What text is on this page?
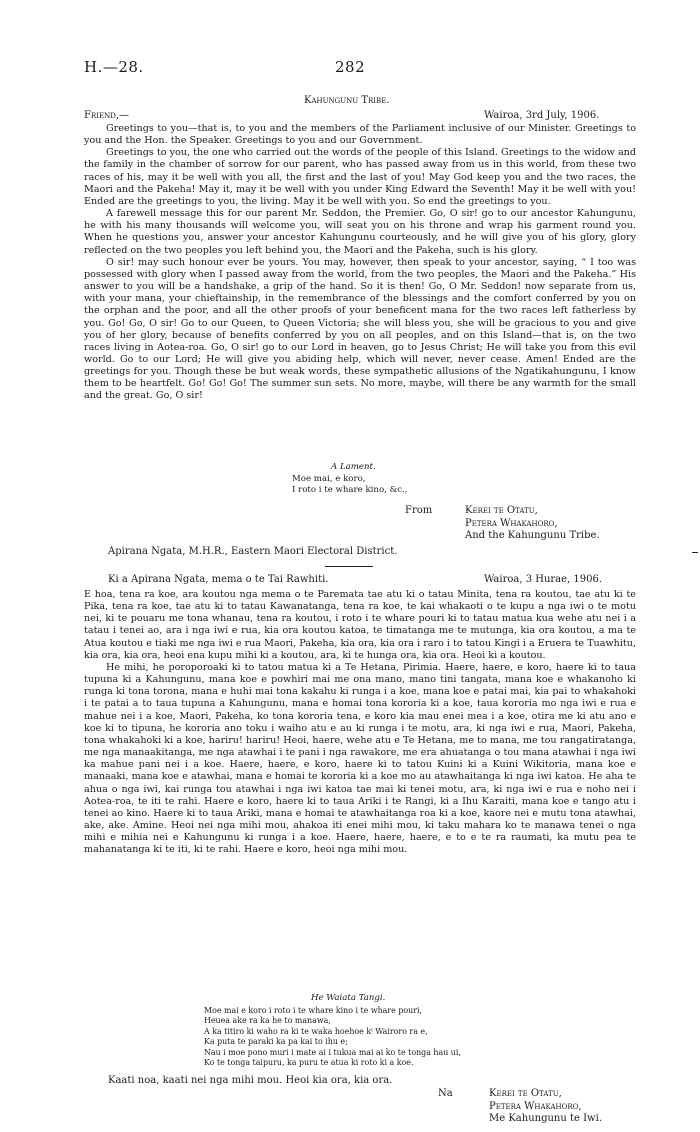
H.—28.	282
Kahungunu Tribe.
Friend,—	Wairoa, 3rd July, 1906.

Greetings to you—that is, to you and the members of the Parliament inclusive of our Minister. Greetings to you and the Hon. the Speaker. Greetings to you and our Government.

Greetings to you, the one who carried out the words of the people of this Island. Greetings to the widow and the family in the chamber of sorrow for our parent, who has passed away from us in this world, from these two races of his, may it be well with you all, the first and the last of you! May God keep you and the two races, the Maori and the Pakeha! May it, may it be well with you under King Edward the Seventh! May it be well with you! Ended are the greetings to you, the living. May it be well with you. So end the greetings to you.

A farewell message this for our parent Mr. Seddon, the Premier. Go, O sir! go to our ancestor Kahungunu, he with his many thousands will welcome you, will seat you on his throne and wrap his garment round you. When he questions you, answer your ancestor Kahungunu courteously, and he will give you of his glory, glory reflected on the two peoples you left behind you, the Maori and the Pakeha, such is his glory.

O sir! may such honour ever be yours. You may, however, then speak to your ancestor, saying, “ I too was possessed with glory when I passed away from the world, from the two peoples, the Maori and the Pakeha.” His answer to you will be a handshake, a grip of the hand. So it is then! Go, O Mr. Seddon! now separate from us, with your mana, your chieftainship, in the remembrance of the blessings and the comfort conferred by you on the orphan and the poor, and all the other proofs of your beneficent mana for the two races left fatherless by you. Go! Go, O sir! Go to our Queen, to Queen Victoria; she will bless you, she will be gracious to you and give you of her glory, because of benefits conferred by you on all peoples, and on this Island—that is, on the two races living in Aotea-roa. Go, O sir! go to our Lord in heaven, go to Jesus Christ; He will take you from this evil world. Go to our Lord; He will give you abiding help, which will never, never cease. Amen! Ended are the greetings for you. Though these be but weak words, these sympathetic allusions of the Ngatikahungunu, I know them to be heartfelt. Go! Go! Go! The summer sun sets. No more, maybe, will there be any warmth for the small and the great. Go, O sir!

A Lament.
Moe mai, e koro,
I roto i te whare kino, &c.,
From	Kerei te Otatu,
Petera Whakahoro,
And the Kahungunu Tribe.
Apirana Ngata, M.H.R., Eastern Maori Electoral District.
Ki a Apirana Ngata, mema o te Tai Rawhiti.	Wairoa, 3 Hurae, 1906.

E hoa, tena ra koe, ara koutou nga mema o te Paremata tae atu ki o tatau Minita, tena ra koutou, tae atu ki te Pika, tena ra koe, tae atu ki to tatau Kawanatanga, tena ra koe, te kai whakaoti o te kupu a nga iwi o te motu nei, ki te pouaru me tona whanau, tena ra koutou, i roto i te whare pouri ki to tatau matua kua wehe atu nei i a tatau i tenei ao, ara i nga iwi e rua, kia ora koutou katoa, te timatanga me te mutunga, kia ora koutou, a ma te Atua koutou e tiaki me nga iwi e rua Maori, Pakeha, kia ora, kia ora i raro i to tatou Kingi i a Eruera te Tuawhitu, kia ora, kia ora, heoi ena kupu mihi ki a koutou, ara, ki te hunga ora, kia ora. Heoi ki a koutou.

He mihi, he poroporoaki ki to tatou matua ki a Te Hetana, Pirimia. Haere, haere, e koro, haere ki to taua tupuna ki a Kahungunu, mana koe e powhiri mai me ona mano, mano tini tangata, mana koe e whakanoho ki runga ki tona torona, mana e huhi mai tona kakahu ki runga i a koe, mana koe e patai mai, kia pai to whakahoki i te patai a to taua tupuna a Kahungunu, mana e homai tona kororia ki a koe, taua kororia mo nga iwi e rua e mahue nei i a koe, Maori, Pakeha, ko tona kororia tena, e koro kia mau enei mea i a koe, otira me ki atu ano e koe ki to tipuna, he kororia ano toku i waiho atu e au ki runga i te motu, ara, ki nga iwi e rua, Maori, Pakeha, tona whakahoki ki a koe, hariru! hariru! Heoi, haere, wehe atu e Te Hetana, me to mana, me tou rangatiratanga, me nga manaakitanga, me nga atawhai i te pani i nga rawakore, me era ahuatanga o tou mana atawhai i nga iwi ka mahue pani nei i a koe. Haere, haere, e koro, haere ki to tatou Kuini ki a Kuini Wikitoria, mana koe e manaaki, mana koe e atawhai, mana e homai te kororia ki a koe mo au atawhaitanga ki nga iwi katoa. He aha te ahua o nga iwi, kai runga tou atawhai i nga iwi katoa tae mai ki tenei motu, ara, ki nga iwi e rua e noho nei i Aotea-roa, te iti te rahi. Haere e koro, haere ki to taua Ariki i te Rangi, ki a Ihu Karaiti, mana koe e tango atu i tenei ao kino. Haere ki to taua Ariki, mana e homai te atawhaitanga roa ki a koe, kaore nei e mutu tona atawhai, ake, ake. Amine. Heoi nei nga mihi mou, ahakoa iti enei mihi mou, ki taku mahara ko te manawa tenei o nga mihi e mihia nei e Kahungunu ki runga i a koe. Haere, haere, haere, e to e te ra raumati, ka mutu pea te mahanatanga ki te iti, ki te rahi. Haere e koro, heoi nga mihi mou.

He Waiata Tangi.
Moe mai e koro i roto i te whare kino i te whare pouri,
Heuea ake ra ka he to manawa,
A ka titiro ki waho ra ki te waka hoehoe kⁱ Wairoro ra e,
Ka puta te paraki ka pa kai to ihu e;
Nau i moe pono muri i mate ai i tukua mai ai ko te tonga hau ui,
Ko te tonga taipuru, ka puru te atua ki roto ki a koe.
Kaati noa, kaati nei nga mihi mou. Heoi kia ora, kia ora.
Na	Kerei te Otatu,
Petera Whakahoro,
Me Kahungunu te Iwi.
